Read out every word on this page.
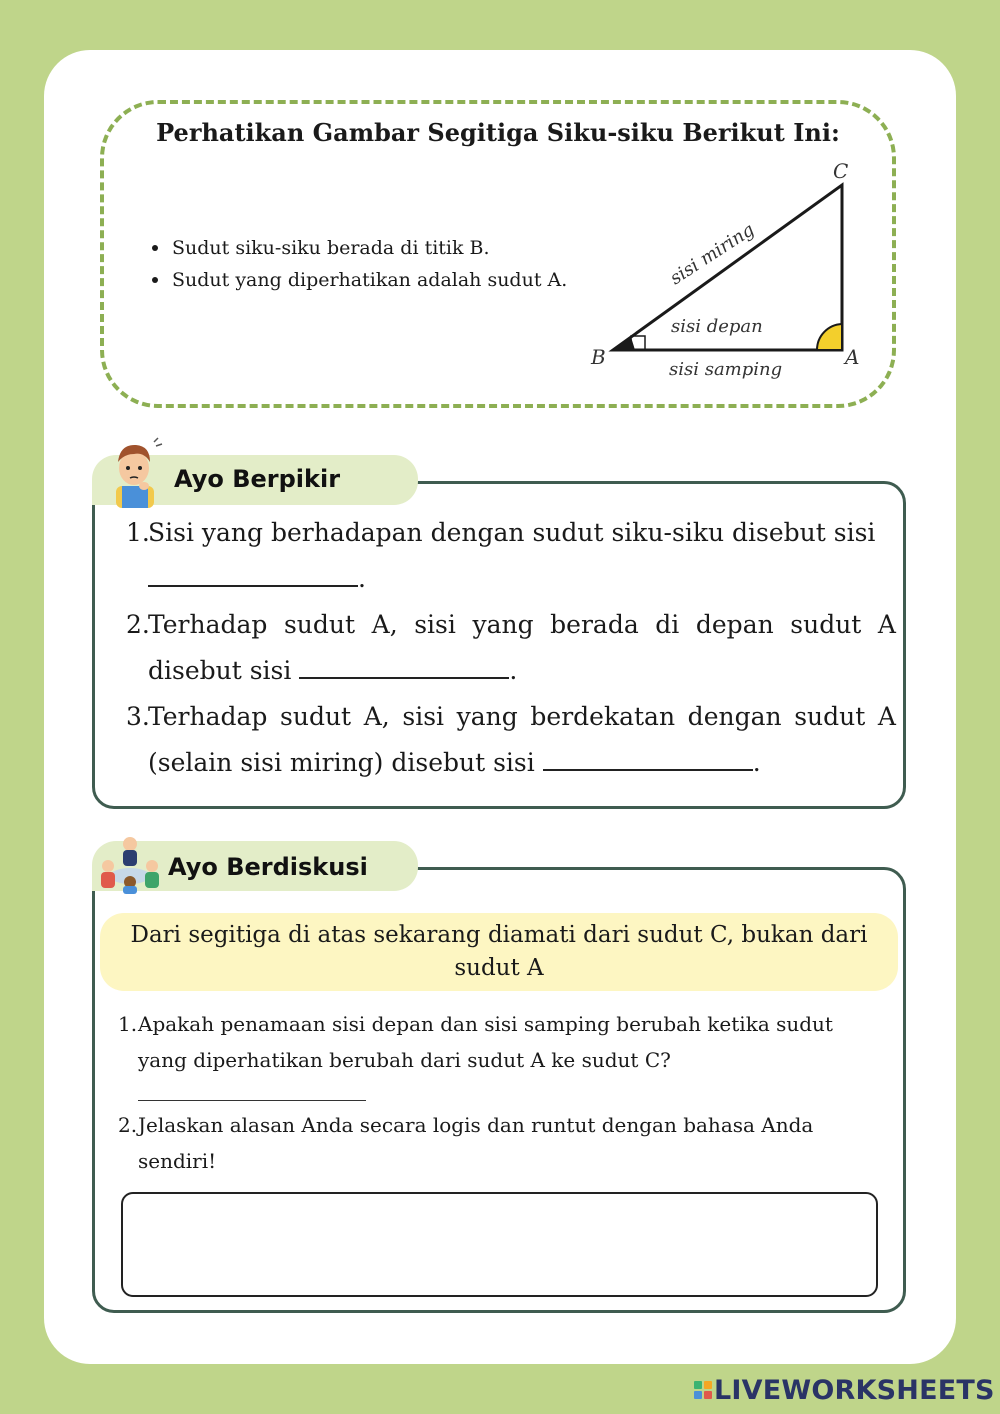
Perhatikan Gambar Segitiga Siku-siku Berikut Ini:
Sudut siku-siku berada di titik B.
Sudut yang diperhatikan adalah sudut A.
B	A
C
sisi miring
sisi depan
sisi samping
Ayo Berpikir
1.
Sisi yang berhadapan dengan sudut siku-siku disebut sisi
.
2.
Terhadap sudut A, sisi yang berada di depan sudut A disebut sisi	.
3.
Terhadap sudut A, sisi yang berdekatan dengan sudut A (selain sisi miring) disebut sisi	.
Ayo Berdiskusi
Dari segitiga di atas sekarang diamati dari sudut C, bukan dari sudut A
1. Apakah penamaan sisi depan dan sisi samping berubah ketika sudut yang diperhatikan berubah dari sudut A ke sudut C?
2. Jelaskan alasan Anda secara logis dan runtut dengan bahasa Anda sendiri!
LIVEWORKSHEETS
